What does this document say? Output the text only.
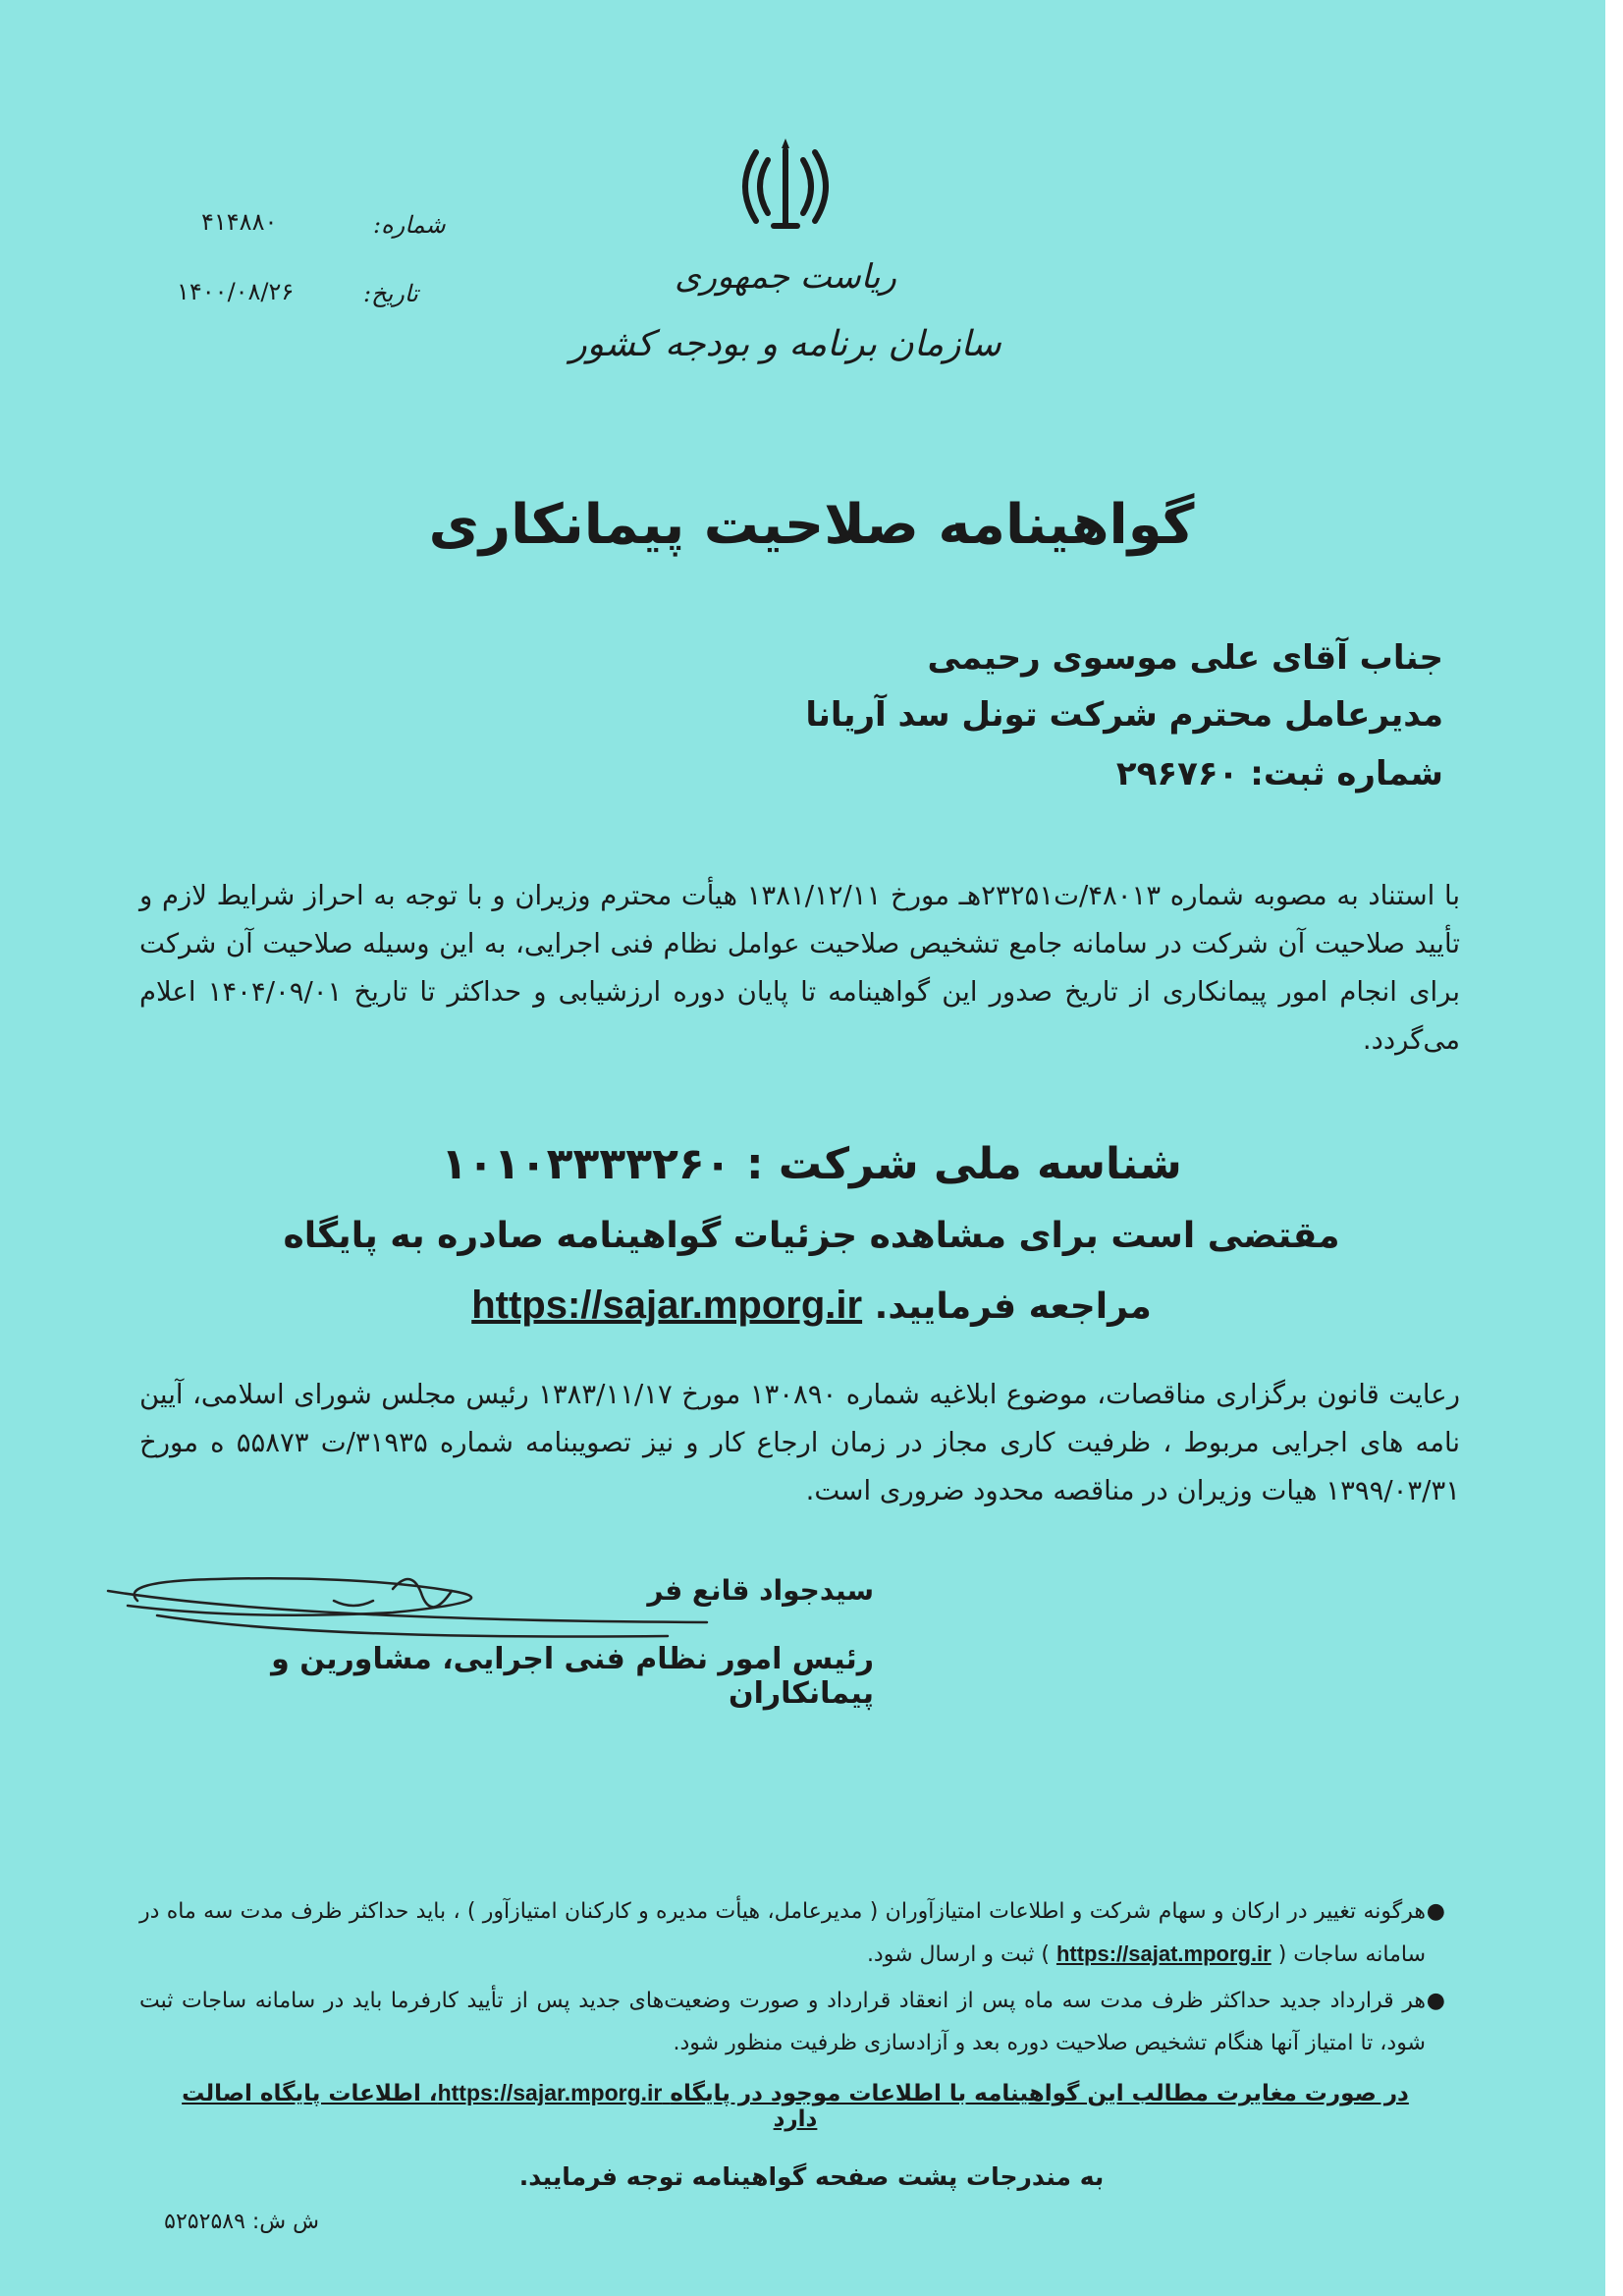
ریاست جمهوری
سازمان برنامه و بودجه کشور
شماره:
۴۱۴۸۸۰
تاریخ:
۱۴۰۰/۰۸/۲۶
گواهینامه صلاحیت پیمانکاری
جناب آقای علی موسوی رحیمی
مدیرعامل محترم شرکت تونل سد آریانا
شماره ثبت: ۲۹۶۷۶۰
با استناد به مصوبه شماره ۴۸۰۱۳/ت۲۳۲۵۱هـ مورخ ۱۳۸۱/۱۲/۱۱ هیأت محترم وزیران و با توجه به احراز شرایط لازم و تأیید صلاحیت آن شرکت در سامانه جامع تشخیص صلاحیت عوامل نظام فنی اجرایی، به این وسیله صلاحیت آن شرکت برای انجام امور پیمانکاری از تاریخ صدور این گواهینامه تا پایان دوره ارزشیابی و حداکثر تا تاریخ ۱۴۰۴/۰۹/۰۱ اعلام می‌گردد.
شناسه ملی شرکت : ۱۰۱۰۳۳۳۳۲۶۰
مقتضی است برای مشاهده جزئیات گواهینامه صادره به پایگاه
مراجعه فرمایید. https://sajar.mporg.ir
رعایت قانون برگزاری مناقصات، موضوع ابلاغیه شماره ۱۳۰۸۹۰ مورخ ۱۳۸۳/۱۱/۱۷ رئیس مجلس شورای اسلامی، آیین نامه های اجرایی مربوط ، ظرفیت کاری مجاز در زمان ارجاع کار و نیز تصویبنامه شماره ۳۱۹۳۵/ت ۵۵۸۷۳ ه مورخ ۱۳۹۹/۰۳/۳۱ هیات وزیران در مناقصه محدود ضروری است.
سیدجواد قانع فر
رئیس امور نظام فنی اجرایی، مشاورین و پیمانکاران
●
هرگونه تغییر در ارکان و سهام شرکت و اطلاعات امتیازآوران ( مدیرعامل، هیأت مدیره و کارکنان امتیازآور ) ، باید حداکثر ظرف مدت سه ماه در سامانه ساجات ( https://sajat.mporg.ir ) ثبت و ارسال شود.
●
هر قرارداد جدید حداکثر ظرف مدت سه ماه پس از انعقاد قرارداد و صورت وضعیت‌های جدید پس از تأیید کارفرما باید در سامانه ساجات ثبت شود، تا امتیاز آنها هنگام تشخیص صلاحیت دوره بعد و آزادسازی ظرفیت منظور شود.
در صورت مغایرت مطالب این گواهینامه با اطلاعات موجود در پایگاه https://sajar.mporg.ir، اطلاعات پایگاه اصالت دارد
به مندرجات پشت صفحه گواهینامه توجه فرمایید.
ش ش: ۵۲۵۲۵۸۹
